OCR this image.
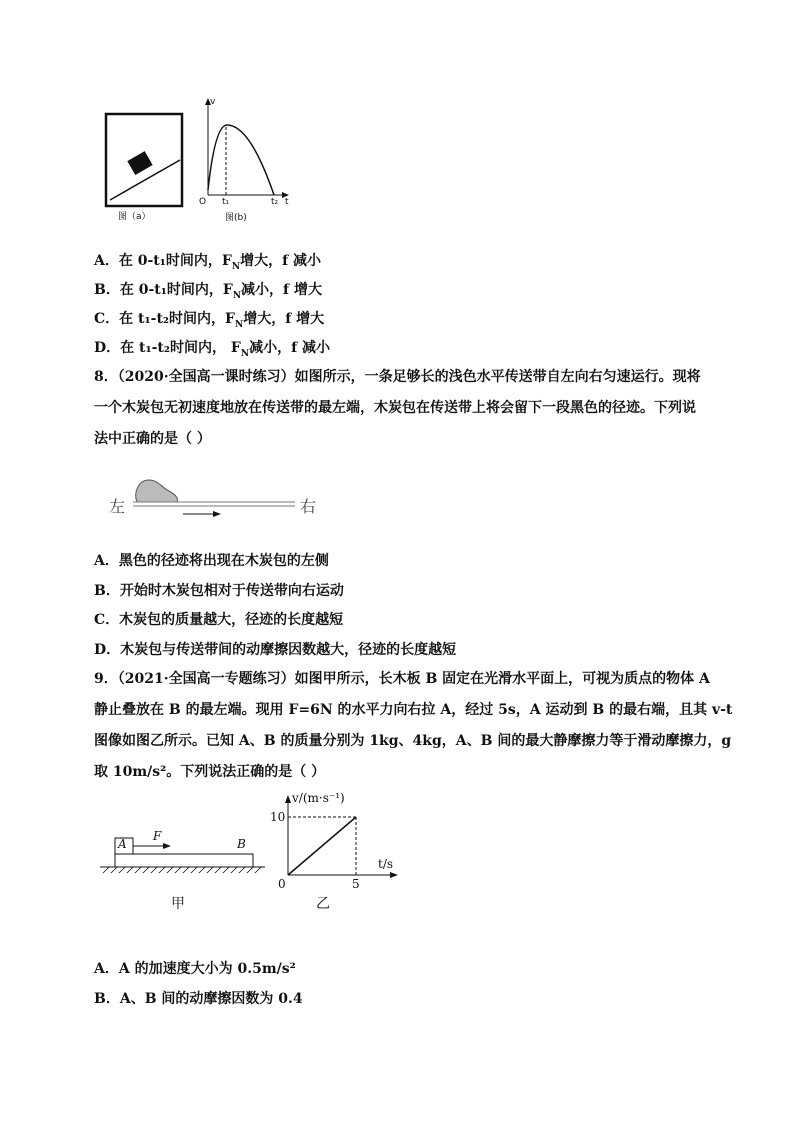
图（a）
v
t
O t₁	t₂
图(b)
A．在 0-t₁时间内，$F_N$增大，f 减小
B．在 0-t₁时间内，$F_N$减小，f 增大
C．在 t₁-t₂时间内，$F_N$增大，f 增大
D．在 t₁-t₂时间内， $F_N$减小，f 减小
8．（2020·全国高一课时练习）如图所示，一条足够长的浅色水平传送带自左向右匀速运行。现将
一个木炭包无初速度地放在传送带的最左端，木炭包在传送带上将会留下一段黑色的径迹。下列说
法中正确的是（ ）
左	右
A．黑色的径迹将出现在木炭包的左侧
B．开始时木炭包相对于传送带向右运动
C．木炭包的质量越大，径迹的长度越短
D．木炭包与传送带间的动摩擦因数越大，径迹的长度越短
9．（2021·全国高一专题练习）如图甲所示，长木板 B 固定在光滑水平面上，可视为质点的物体 A
静止叠放在 B 的最左端。现用 F=6N 的水平力向右拉 A，经过 5s，A 运动到 B 的最右端，且其 v-t
图像如图乙所示。已知 A、B 的质量分别为 1kg、4kg，A、B 间的最大静摩擦力等于滑动摩擦力，g
取 10m/s²。下列说法正确的是（ ）
A
F
B
甲
v/(m·s⁻¹)
t/s
10
5
0
乙
A．A 的加速度大小为 0.5m/s²
B．A、B 间的动摩擦因数为 0.4
